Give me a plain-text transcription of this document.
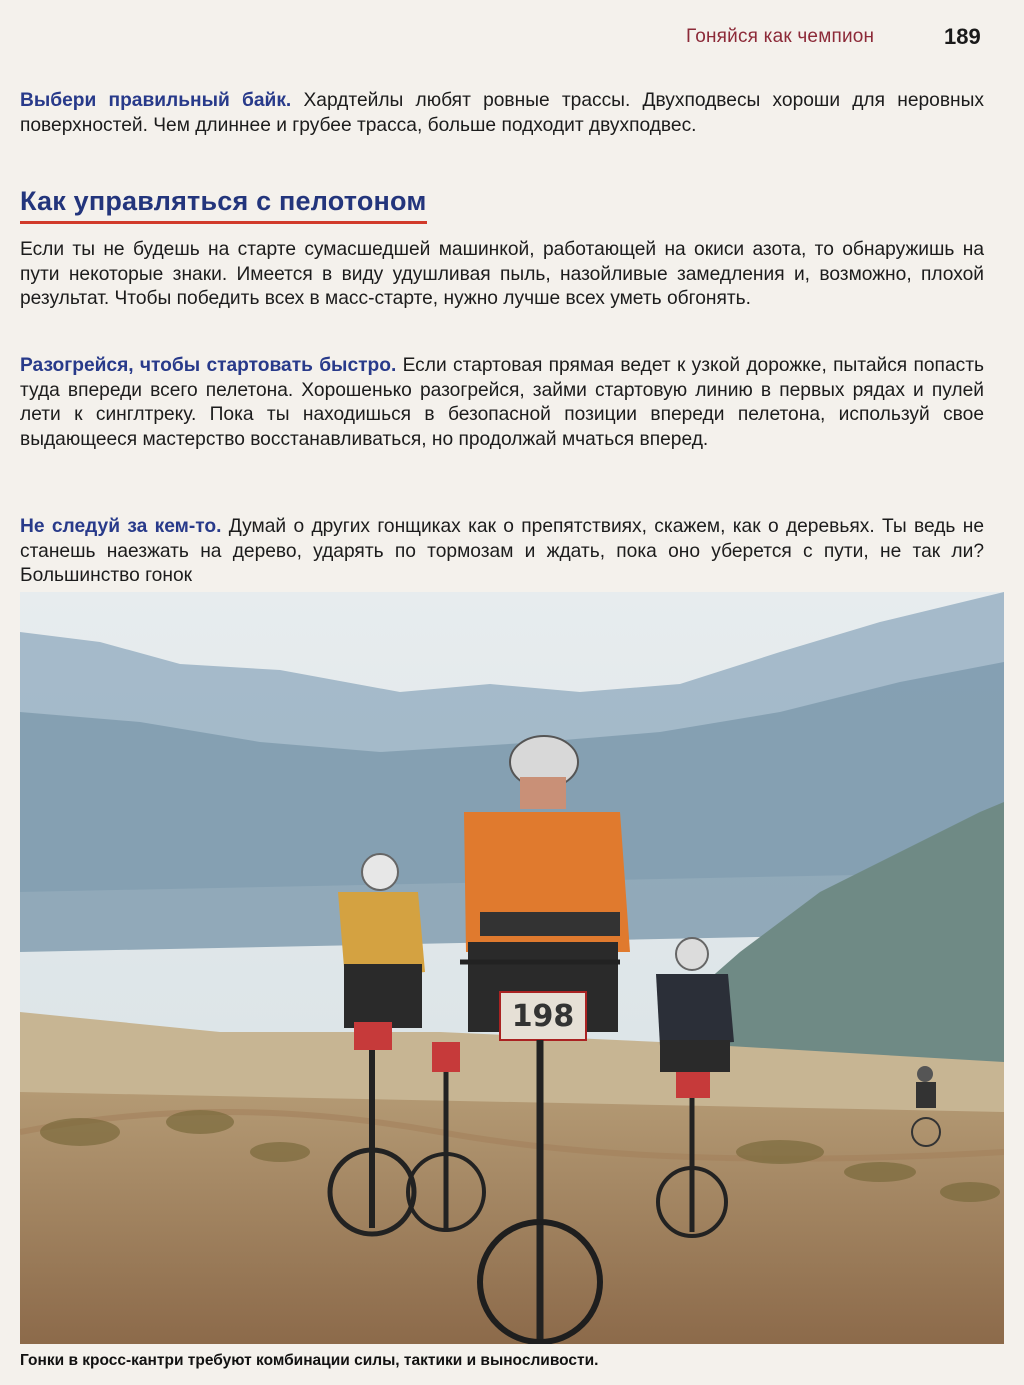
Гоняйся как чемпион	189

Выбери правильный байк. Хардтейлы любят ровные трассы. Двухподвесы хороши для неровных поверхностей. Чем длиннее и грубее трасса, больше подходит двухподвес.

Как управляться с пелотоном

Если ты не будешь на старте сумасшедшей машинкой, работающей на окиси азота, то обнаружишь на пути некоторые знаки. Имеется в виду удушливая пыль, назойливые замедления и, возможно, плохой результат. Чтобы победить всех в масс-старте, нужно лучше всех уметь обгонять.

Разогрейся, чтобы стартовать быстро. Если стартовая прямая ведет к узкой дорожке, пытайся попасть туда впереди всего пелетона. Хорошенько разогрейся, займи стартовую линию в первых рядах и пулей лети к синглтреку. Пока ты находишься в безопасной позиции впереди пелетона, используй свое выдающееся мастерство восстанавливаться, но продолжай мчаться вперед.

Не следуй за кем-то. Думай о других гонщиках как о препятствиях, скажем, как о деревьях. Ты ведь не станешь наезжать на дерево, ударять по тормозам и ждать, пока оно уберется с пути, не так ли? Большинство гонок

198
Гонки в кросс-кантри требуют комбинации силы, тактики и выносливости.
